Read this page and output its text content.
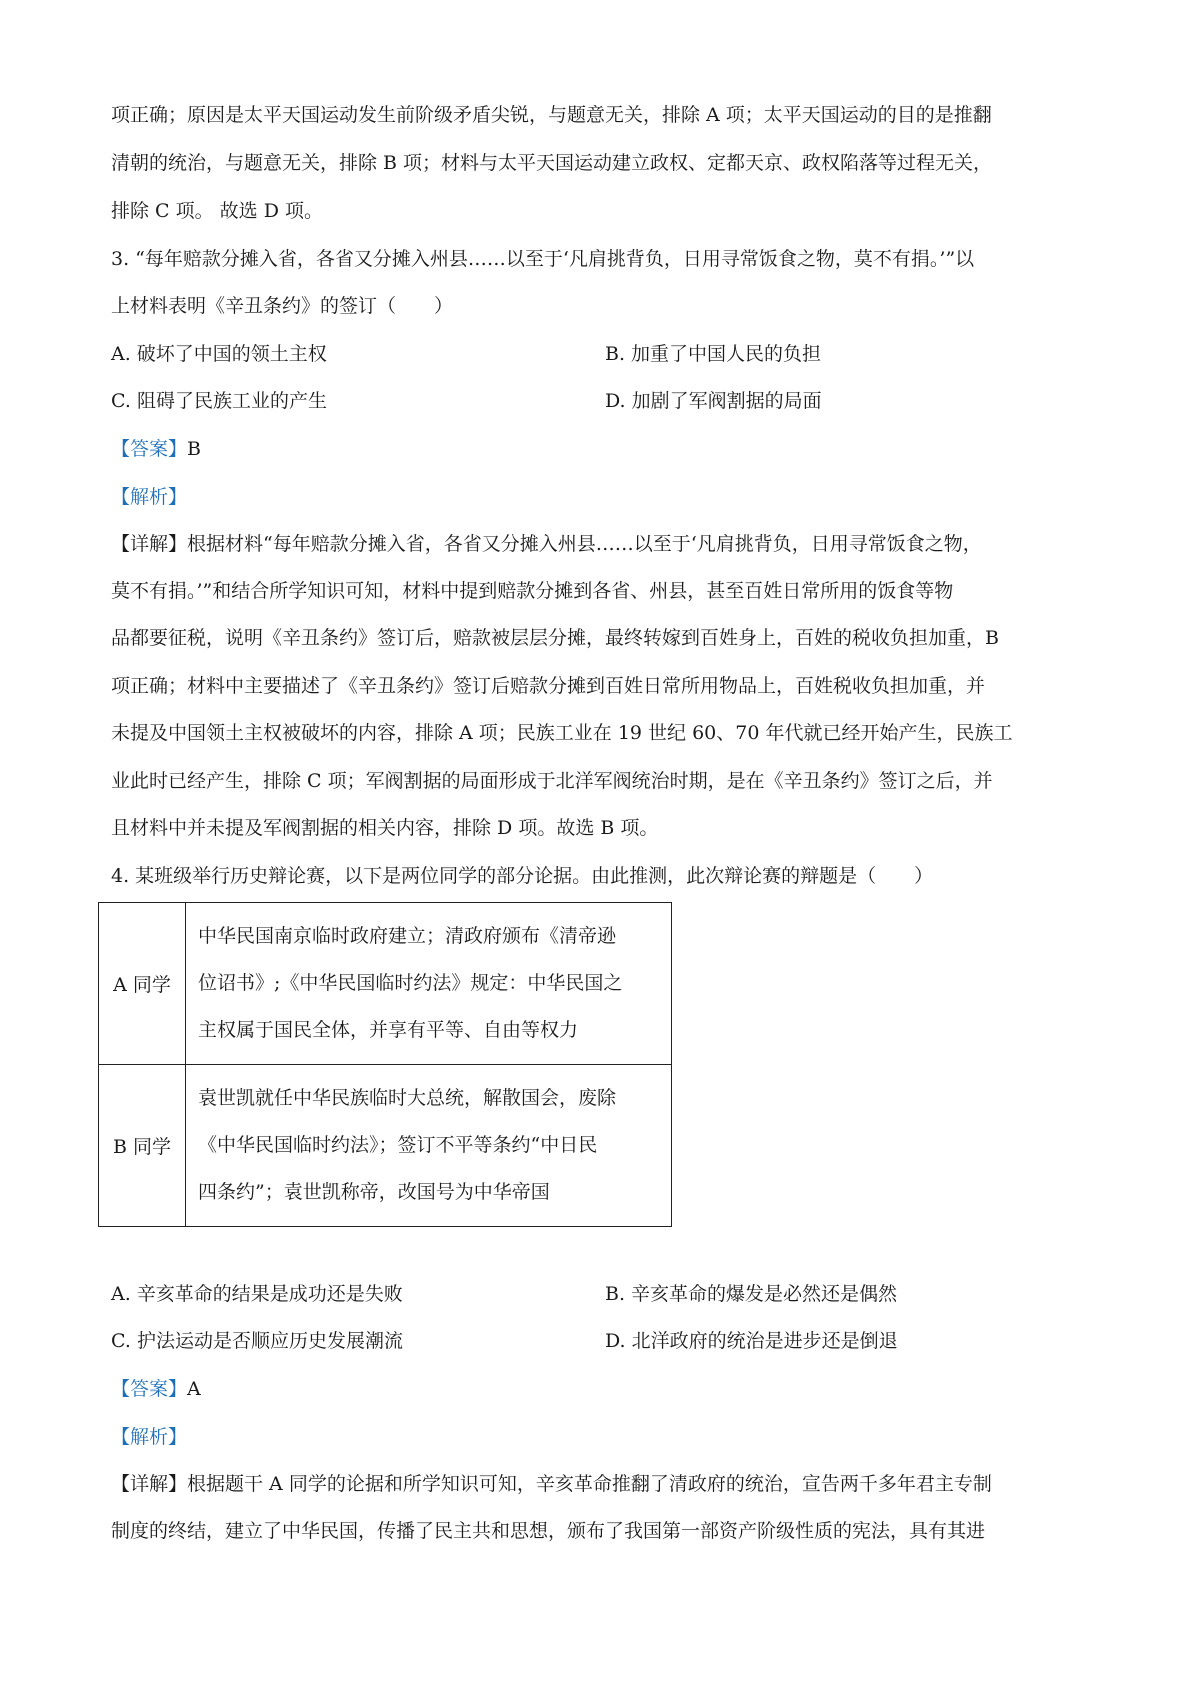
项正确；原因是太平天国运动发生前阶级矛盾尖锐，与题意无关，排除 A 项；太平天国运动的目的是推翻
清朝的统治，与题意无关，排除 B 项；材料与太平天国运动建立政权、定都天京、政权陷落等过程无关，
排除 C 项。 故选 D 项。
3. “每年赔款分摊入省，各省又分摊入州县……以至于‘凡肩挑背负，日用寻常饭食之物，莫不有捐。’”以
上材料表明《辛丑条约》的签订（　　）
A. 破坏了中国的领土主权	B. 加重了中国人民的负担
C. 阻碍了民族工业的产生	D. 加剧了军阀割据的局面
【答案】B
【解析】
【详解】根据材料“每年赔款分摊入省，各省又分摊入州县……以至于‘凡肩挑背负，日用寻常饭食之物，
莫不有捐。’”和结合所学知识可知，材料中提到赔款分摊到各省、州县，甚至百姓日常所用的饭食等物
品都要征税，说明《辛丑条约》签订后，赔款被层层分摊，最终转嫁到百姓身上，百姓的税收负担加重，B
项正确；材料中主要描述了《辛丑条约》签订后赔款分摊到百姓日常所用物品上，百姓税收负担加重，并
未提及中国领土主权被破坏的内容，排除 A 项；民族工业在 19 世纪 60、70 年代就已经开始产生，民族工
业此时已经产生，排除 C 项；军阀割据的局面形成于北洋军阀统治时期，是在《辛丑条约》签订之后，并
且材料中并未提及军阀割据的相关内容，排除 D 项。故选 B 项。
4. 某班级举行历史辩论赛，以下是两位同学的部分论据。由此推测，此次辩论赛的辩题是（　　）
A 同学	中华民国南京临时政府建立；清政府颁布《清帝逊
位诏书》;《中华民国临时约法》规定：中华民国之
主权属于国民全体，并享有平等、自由等权力

B 同学	袁世凯就任中华民族临时大总统，解散国会，废除
《中华民国临时约法》；签订不平等条约“中日民
四条约”；袁世凯称帝，改国号为中华帝国
A. 辛亥革命的结果是成功还是失败	B. 辛亥革命的爆发是必然还是偶然
C. 护法运动是否顺应历史发展潮流	D. 北洋政府的统治是进步还是倒退
【答案】A
【解析】
【详解】根据题干 A 同学的论据和所学知识可知，辛亥革命推翻了清政府的统治，宣告两千多年君主专制
制度的终结，建立了中华民国，传播了民主共和思想，颁布了我国第一部资产阶级性质的宪法，具有其进
